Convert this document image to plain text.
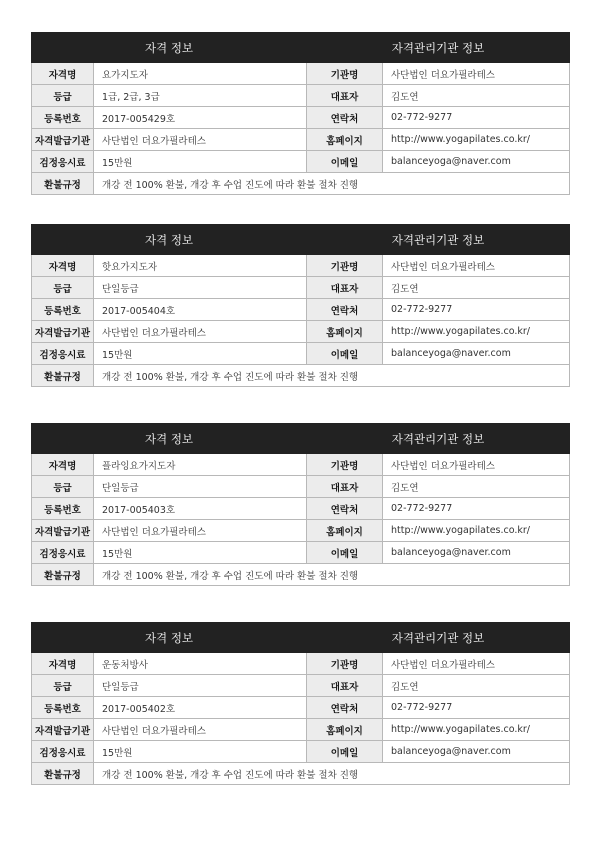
자격 정보		자격관리기관 정보	
자격명	요가지도자	기관명	사단법인 더요가필라테스
등급	1급, 2급, 3급	대표자	김도연
등록번호	2017-005429호	연락처	02-772-9277
자격발급기관	사단법인 더요가필라테스	홈페이지	http://www.yogapilates.co.kr/
검정응시료	15만원	이메일	balanceyoga@naver.com
환불규정	개강 전 100% 환불, 개강 후 수업 진도에 따라 환불 절차 진행		
자격 정보		자격관리기관 정보	
자격명	핫요가지도자	기관명	사단법인 더요가필라테스
등급	단일등급	대표자	김도연
등록번호	2017-005404호	연락처	02-772-9277
자격발급기관	사단법인 더요가필라테스	홈페이지	http://www.yogapilates.co.kr/
검정응시료	15만원	이메일	balanceyoga@naver.com
환불규정	개강 전 100% 환불, 개강 후 수업 진도에 따라 환불 절차 진행		
자격 정보		자격관리기관 정보	
자격명	플라잉요가지도자	기관명	사단법인 더요가필라테스
등급	단일등급	대표자	김도연
등록번호	2017-005403호	연락처	02-772-9277
자격발급기관	사단법인 더요가필라테스	홈페이지	http://www.yogapilates.co.kr/
검정응시료	15만원	이메일	balanceyoga@naver.com
환불규정	개강 전 100% 환불, 개강 후 수업 진도에 따라 환불 절차 진행		
자격 정보		자격관리기관 정보	
자격명	운동처방사	기관명	사단법인 더요가필라테스
등급	단일등급	대표자	김도연
등록번호	2017-005402호	연락처	02-772-9277
자격발급기관	사단법인 더요가필라테스	홈페이지	http://www.yogapilates.co.kr/
검정응시료	15만원	이메일	balanceyoga@naver.com
환불규정	개강 전 100% 환불, 개강 후 수업 진도에 따라 환불 절차 진행		
